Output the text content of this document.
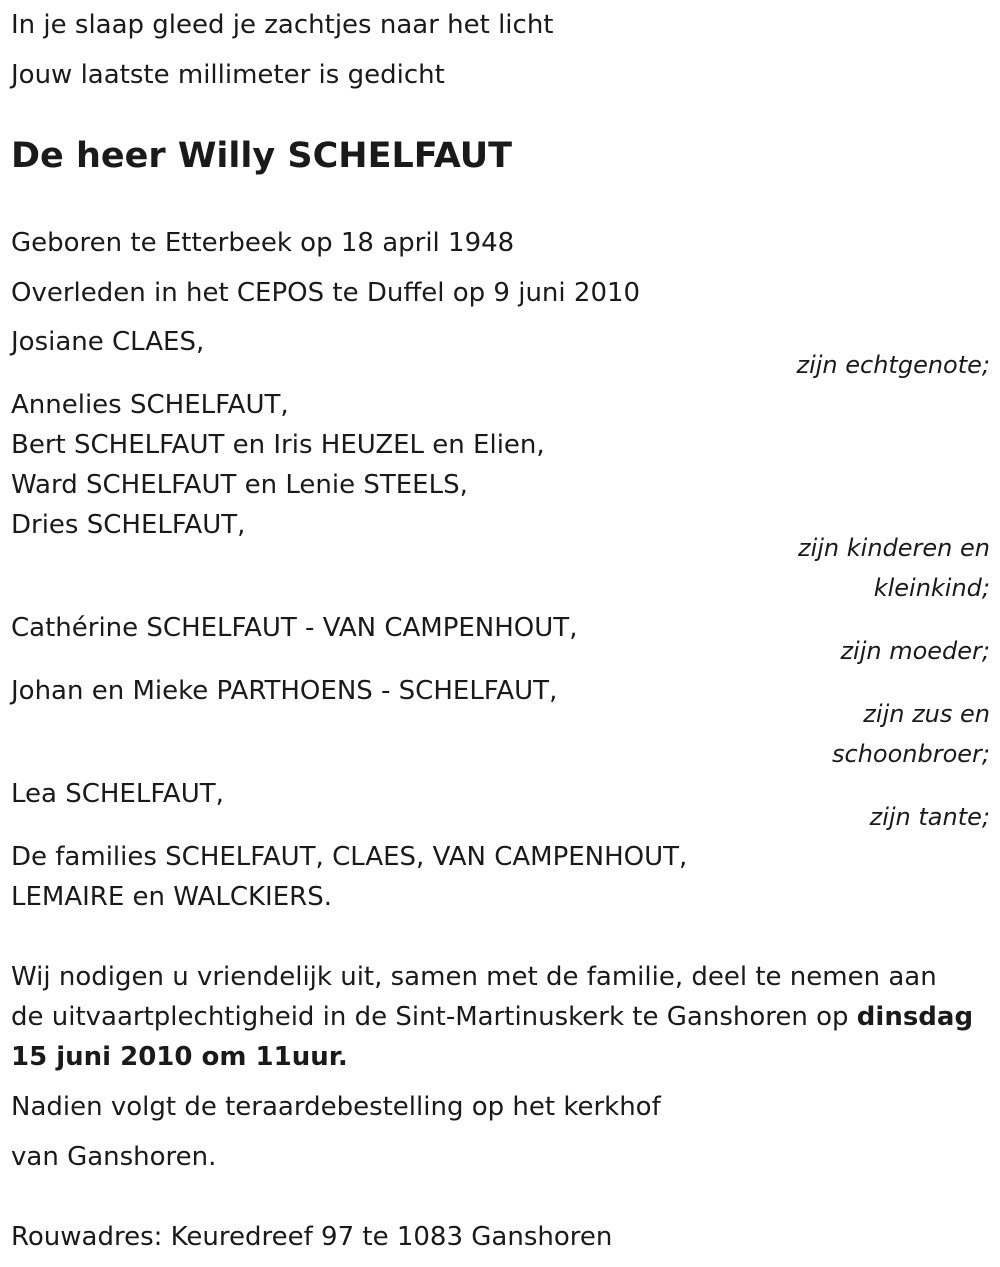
In je slaap gleed je zachtjes naar het licht

Jouw laatste millimeter is gedicht

De heer Willy SCHELFAUT

Geboren te Etterbeek op 18 april 1948

Overleden in het CEPOS te Duffel op 9 juni 2010

Josiane CLAES,

zijn echtgenote;

Annelies SCHELFAUT,

Bert SCHELFAUT en Iris HEUZEL en Elien,

Ward SCHELFAUT en Lenie STEELS,

Dries SCHELFAUT,

zijn kinderen en
kleinkind;

Cathérine SCHELFAUT - VAN CAMPENHOUT,

zijn moeder;

Johan en Mieke PARTHOENS - SCHELFAUT,

zijn zus en
schoonbroer;

Lea SCHELFAUT,

zijn tante;

De families SCHELFAUT, CLAES, VAN CAMPENHOUT,

LEMAIRE en WALCKIERS.

Wij nodigen u vriendelijk uit, samen met de familie, deel te nemen aan

de uitvaartplechtigheid in de Sint-Martinuskerk te Ganshoren op dinsdag

15 juni 2010 om 11uur.

Nadien volgt de teraardebestelling op het kerkhof

van Ganshoren.

Rouwadres: Keuredreef 97 te 1083 Ganshoren
